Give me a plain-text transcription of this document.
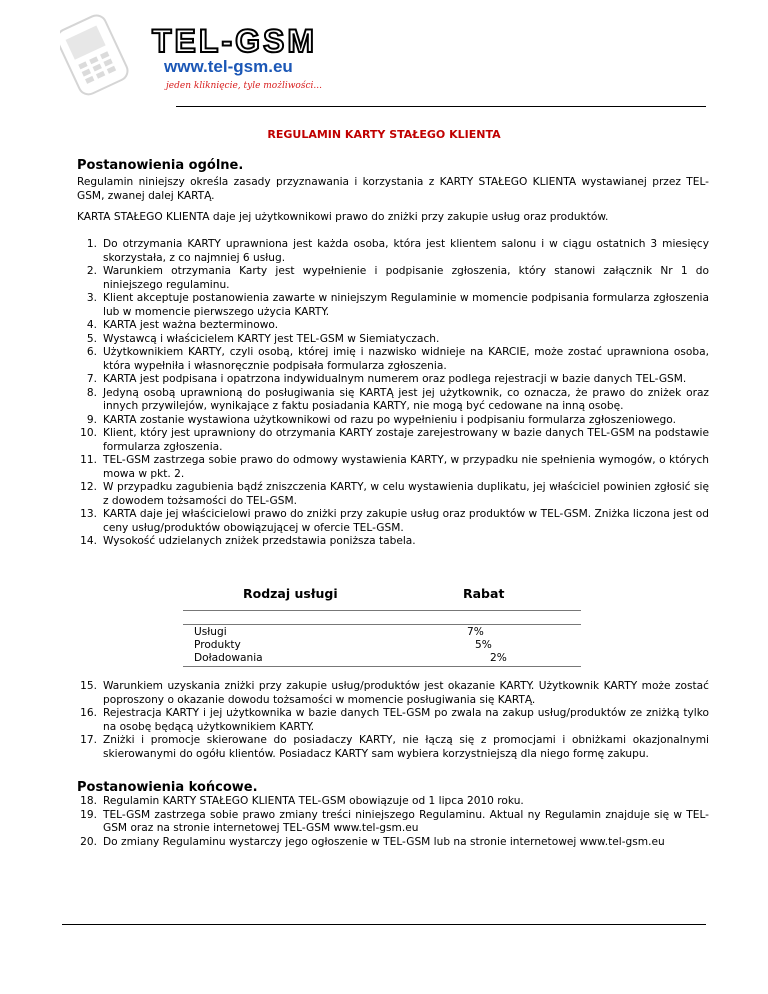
TEL-GSM
www.tel-gsm.eu
jeden kliknięcie, tyle możliwości...
REGULAMIN KARTY STAŁEGO KLIENTA
Postanowienia ogólne.

Regulamin niniejszy określa zasady przyznawania i korzystania z KARTY STAŁEGO KLIENTA wystawianej przez TEL-GSM, zwanej dalej KARTĄ.

KARTA STAŁEGO KLIENTA daje jej użytkownikowi prawo do zniżki przy zakupie usług oraz produktów.

1. Do otrzymania KARTY uprawniona jest każda osoba, która jest klientem salonu i w ciągu ostatnich 3 miesięcy skorzystała, z co najmniej 6 usług.
2. Warunkiem otrzymania Karty jest wypełnienie i podpisanie zgłoszenia, który stanowi załącznik Nr 1 do niniejszego regulaminu.
3. Klient akceptuje postanowienia zawarte w niniejszym Regulaminie w momencie podpisania formularza zgłoszenia lub w momencie pierwszego użycia KARTY.
4. KARTA jest ważna bezterminowo.
5. Wystawcą i właścicielem KARTY jest TEL-GSM w Siemiatyczach.
6. Użytkownikiem KARTY, czyli osobą, której imię i nazwisko widnieje na KARCIE, może zostać uprawniona osoba, która wypełniła i własnoręcznie podpisała formularza zgłoszenia.
7. KARTA jest podpisana i opatrzona indywidualnym numerem oraz podlega rejestracji w bazie danych TEL-GSM.
8. Jedyną osobą uprawnioną do posługiwania się KARTĄ jest jej użytkownik, co oznacza, że prawo do zniżek oraz innych przywilejów, wynikające z faktu posiadania KARTY, nie mogą być cedowane na inną osobę.
9. KARTA zostanie wystawiona użytkownikowi od razu po wypełnieniu i podpisaniu formularza zgłoszeniowego.
10. Klient, który jest uprawniony do otrzymania KARTY zostaje zarejestrowany w bazie danych TEL-GSM na podstawie formularza zgłoszenia.
11. TEL-GSM zastrzega sobie prawo do odmowy wystawienia KARTY, w przypadku nie spełnienia wymogów, o których mowa w pkt. 2.
12. W przypadku zagubienia bądź zniszczenia KARTY, w celu wystawienia duplikatu, jej właściciel powinien zgłosić się z dowodem tożsamości do TEL-GSM.
13. KARTA daje jej właścicielowi prawo do zniżki przy zakupie usług oraz produktów w TEL-GSM. Zniżka liczona jest od ceny usług/produktów obowiązującej w ofercie TEL-GSM.
14. Wysokość udzielanych zniżek przedstawia poniższa tabela.
Rodzaj usługi	Rabat
Usługi	7%
Produkty	5%
Doładowania	2%
15. Warunkiem uzyskania zniżki przy zakupie usług/produktów jest okazanie KARTY. Użytkownik KARTY może zostać poproszony o okazanie dowodu tożsamości w momencie posługiwania się KARTĄ.
16. Rejestracja KARTY i jej użytkownika w bazie danych TEL-GSM po zwala na zakup usług/produktów ze zniżką tylko na osobę będącą użytkownikiem KARTY.
17. Zniżki i promocje skierowane do posiadaczy KARTY, nie łączą się z promocjami i obniżkami okazjonalnymi skierowanymi do ogółu klientów. Posiadacz KARTY sam wybiera korzystniejszą dla niego formę zakupu.
Postanowienia końcowe.
18. Regulamin KARTY STAŁEGO KLIENTA TEL-GSM obowiązuje od 1 lipca 2010 roku.
19. TEL-GSM zastrzega sobie prawo zmiany treści niniejszego Regulaminu. Aktual ny Regulamin znajduje się w TEL-GSM oraz na stronie internetowej TEL-GSM www.tel-gsm.eu
20. Do zmiany Regulaminu wystarczy jego ogłoszenie w TEL-GSM lub na stronie internetowej www.tel-gsm.eu
